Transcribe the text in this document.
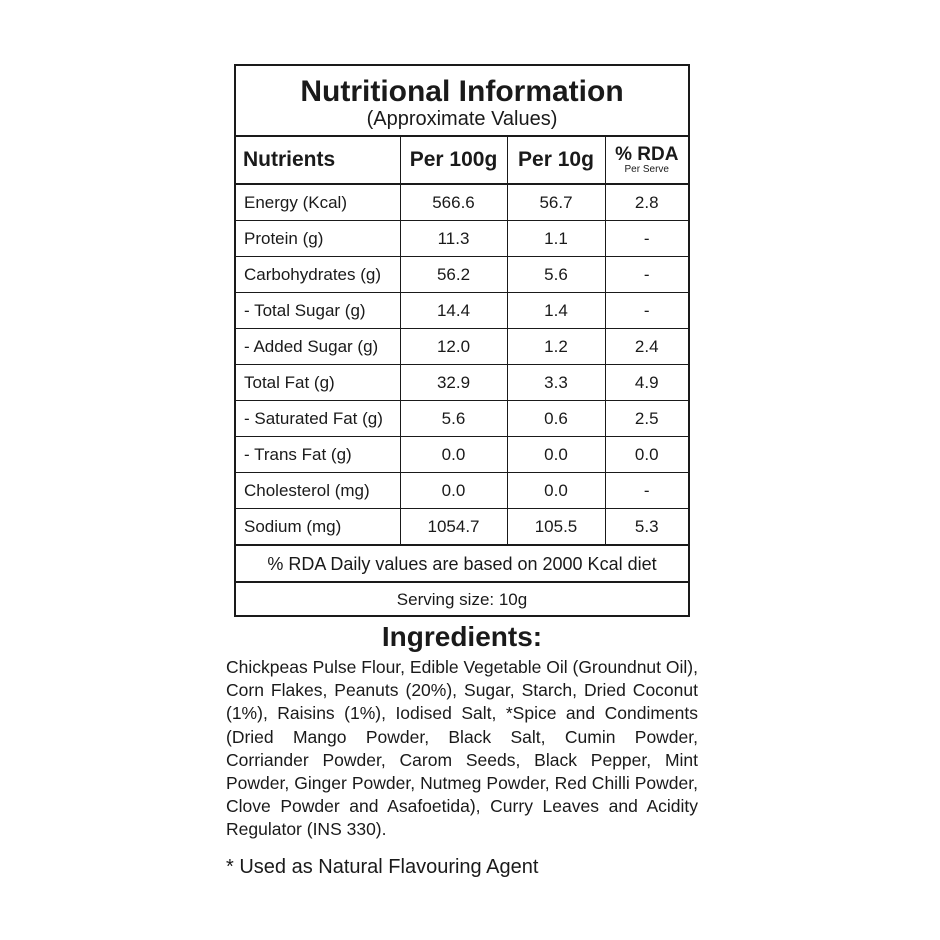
Nutritional Information
(Approximate Values)
Nutrients	Per 100g	Per 10g	% RDA
Per Serve

Energy (Kcal)	566.6	56.7	2.8
Protein (g)	11.3	1.1	-
Carbohydrates (g)	56.2	5.6	-
- Total Sugar (g)	14.4	1.4	-
- Added Sugar (g)	12.0	1.2	2.4
Total Fat (g)	32.9	3.3	4.9
- Saturated Fat (g)	5.6	0.6	2.5
- Trans Fat (g)	0.0	0.0	0.0
Cholesterol (mg)	0.0	0.0	-
Sodium (mg)	1054.7	105.5	5.3
% RDA Daily values are based on 2000 Kcal diet
Serving size: 10g
Ingredients:
Chickpeas Pulse Flour, Edible Vegetable Oil (Groundnut Oil), Corn Flakes, Peanuts (20%), Sugar, Starch, Dried Coconut (1%), Raisins (1%), Iodised Salt, *Spice and Condiments (Dried Mango Powder, Black Salt, Cumin Powder, Corriander Powder, Carom Seeds, Black Pepper, Mint Powder, Ginger Powder, Nutmeg Powder, Red Chilli Powder, Clove Powder and Asafoetida), Curry Leaves and Acidity Regulator (INS 330).
* Used as Natural Flavouring Agent
